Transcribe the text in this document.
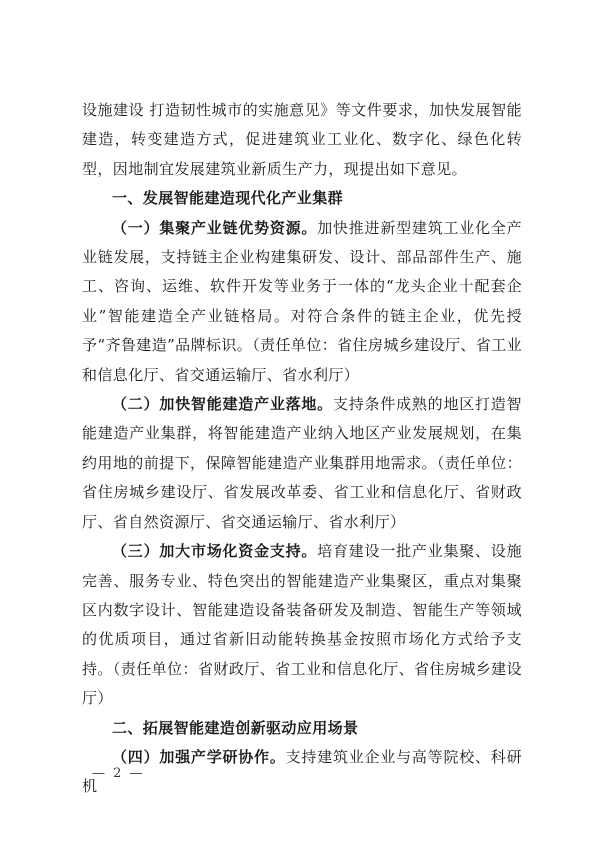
设施建设 打造韧性城市的实施意见》等文件要求，加快发展智能建造，转变建造方式，促进建筑业工业化、数字化、绿色化转型，因地制宜发展建筑业新质生产力，现提出如下意见。

一、发展智能建造现代化产业集群

（一）集聚产业链优势资源。加快推进新型建筑工业化全产业链发展，支持链主企业构建集研发、设计、部品部件生产、施工、咨询、运维、软件开发等业务于一体的“龙头企业十配套企业”智能建造全产业链格局。对符合条件的链主企业，优先授予“齐鲁建造”品牌标识。（责任单位：省住房城乡建设厅、省工业和信息化厅、省交通运输厅、省水利厅）

（二）加快智能建造产业落地。支持条件成熟的地区打造智能建造产业集群，将智能建造产业纳入地区产业发展规划，在集约用地的前提下，保障智能建造产业集群用地需求。（责任单位：省住房城乡建设厅、省发展改革委、省工业和信息化厅、省财政厅、省自然资源厅、省交通运输厅、省水利厅）

（三）加大市场化资金支持。培育建设一批产业集聚、设施完善、服务专业、特色突出的智能建造产业集聚区，重点对集聚区内数字设计、智能建造设备装备研发及制造、智能生产等领域的优质项目，通过省新旧动能转换基金按照市场化方式给予支持。（责任单位：省财政厅、省工业和信息化厅、省住房城乡建设厅）

二、拓展智能建造创新驱动应用场景

（四）加强产学研协作。支持建筑业企业与高等院校、科研机

— 2 —
